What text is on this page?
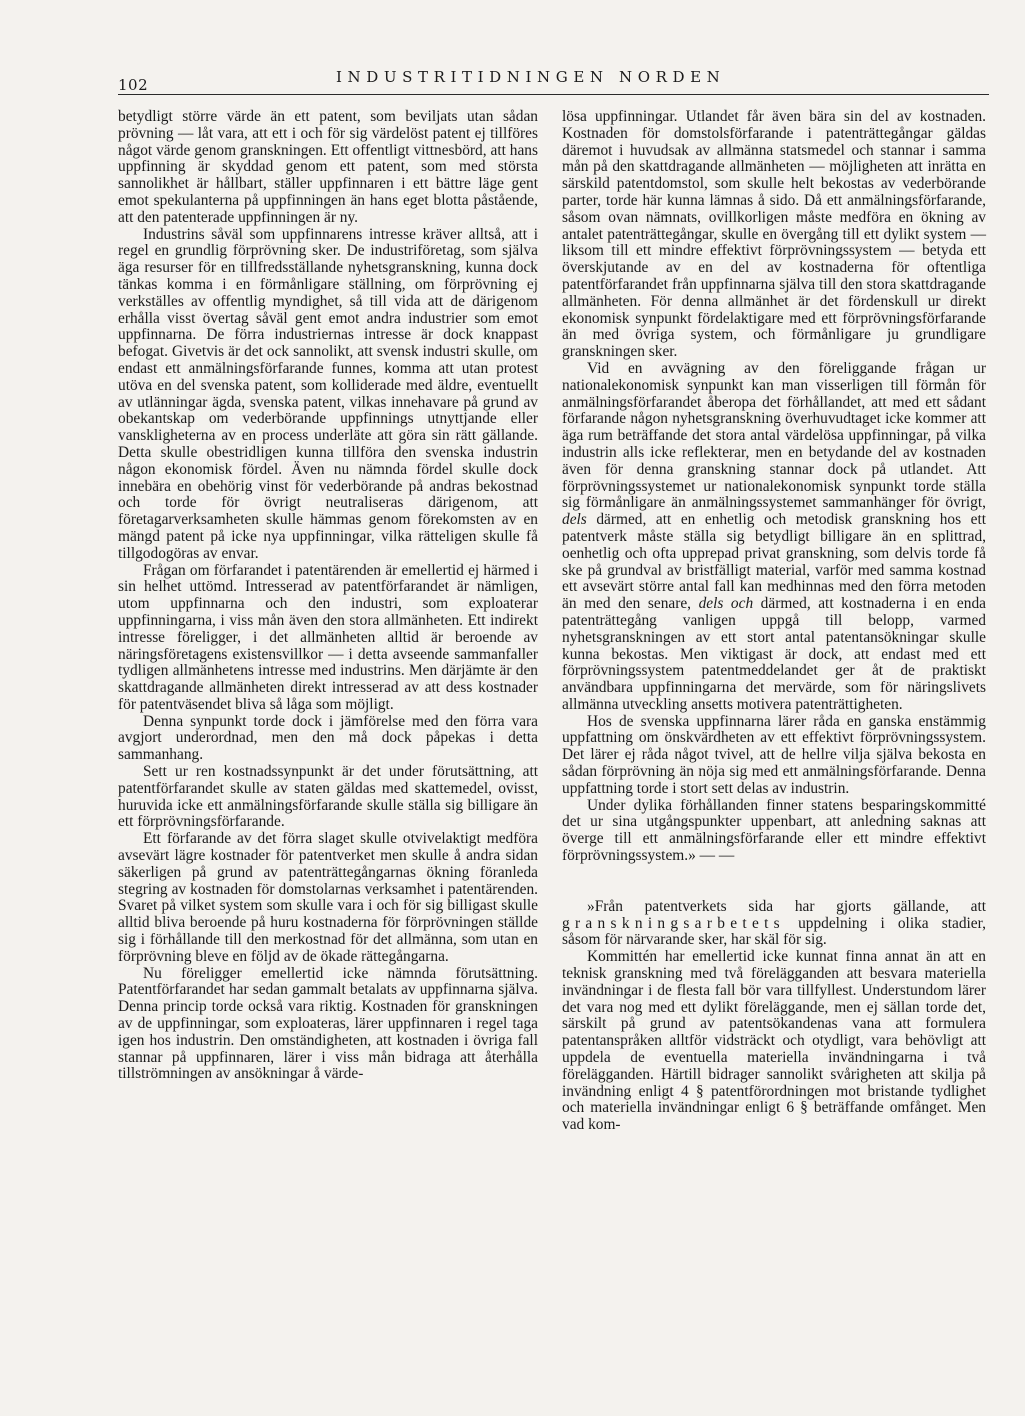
102	INDUSTRITIDNINGEN NORDEN

betydligt större värde än ett patent, som beviljats utan sådan prövning — låt vara, att ett i och för sig värdelöst patent ej tillföres något värde genom granskningen. Ett offentligt vittnesbörd, att hans uppfinning är skyddad genom ett patent, som med största sannolikhet är hållbart, ställer uppfinnaren i ett bättre läge gent emot spekulanterna på uppfinningen än hans eget blotta påstående, att den patenterade uppfinningen är ny.

Industrins såväl som uppfinnarens intresse kräver alltså, att i regel en grundlig förprövning sker. De industriföretag, som själva äga resurser för en tillfredsställande nyhetsgranskning, kunna dock tänkas komma i en förmånligare ställning, om förprövning ej verkställes av offentlig myndighet, så till vida att de därigenom erhålla visst övertag såväl gent emot andra industrier som emot uppfinnarna. De förra industriernas intresse är dock knappast befogat. Givetvis är det ock sannolikt, att svensk industri skulle, om endast ett anmälningsförfarande funnes, komma att utan protest utöva en del svenska patent, som kolliderade med äldre, eventuellt av utlänningar ägda, svenska patent, vilkas innehavare på grund av obekantskap om vederbörande uppfinnings utnyttjande eller vanskligheterna av en process underläte att göra sin rätt gällande. Detta skulle obestridligen kunna tillföra den svenska industrin någon ekonomisk fördel. Även nu nämnda fördel skulle dock innebära en obehörig vinst för vederbörande på andras bekostnad och torde för övrigt neutraliseras därigenom, att företagarverksamheten skulle hämmas genom förekomsten av en mängd patent på icke nya uppfinningar, vilka rätteligen skulle få tillgodogöras av envar.

Frågan om förfarandet i patentärenden är emellertid ej härmed i sin helhet uttömd. Intresserad av patentförfarandet är nämligen, utom uppfinnarna och den industri, som exploaterar uppfinningarna, i viss mån även den stora allmänheten. Ett indirekt intresse föreligger, i det allmänheten alltid är beroende av näringsföretagens existensvillkor — i detta avseende sammanfaller tydligen allmänhetens intresse med industrins. Men därjämte är den skattdragande allmänheten direkt intresserad av att dess kostnader för patentväsendet bliva så låga som möjligt.

Denna synpunkt torde dock i jämförelse med den förra vara avgjort underordnad, men den må dock påpekas i detta sammanhang.

Sett ur ren kostnadssynpunkt är det under förutsättning, att patentförfarandet skulle av staten gäldas med skattemedel, ovisst, huruvida icke ett anmälningsförfarande skulle ställa sig billigare än ett förprövningsförfarande.

Ett förfarande av det förra slaget skulle otvivelaktigt medföra avsevärt lägre kostnader för patentverket men skulle å andra sidan säkerligen på grund av patenträttegångarnas ökning föranleda stegring av kostnaden för domstolarnas verksamhet i patentärenden. Svaret på vilket system som skulle vara i och för sig billigast skulle alltid bliva beroende på huru kostnaderna för förprövningen ställde sig i förhållande till den merkostnad för det allmänna, som utan en förprövning bleve en följd av de ökade rättegångarna.

Nu föreligger emellertid icke nämnda förutsättning. Patentförfarandet har sedan gammalt betalats av uppfinnarna själva. Denna princip torde också vara riktig. Kostnaden för granskningen av de uppfinningar, som exploateras, lärer uppfinnaren i regel taga igen hos industrin. Den omständigheten, att kostnaden i övriga fall stannar på uppfinnaren, lärer i viss mån bidraga att återhålla tillströmningen av ansökningar å värde-

lösa uppfinningar. Utlandet får även bära sin del av kostnaden. Kostnaden för domstolsförfarande i patenträttegångar gäldas däremot i huvudsak av allmänna statsmedel och stannar i samma mån på den skattdragande allmänheten — möjligheten att inrätta en särskild patentdomstol, som skulle helt bekostas av vederbörande parter, torde här kunna lämnas å sido. Då ett anmälningsförfarande, såsom ovan nämnats, ovillkorligen måste medföra en ökning av antalet patenträttegångar, skulle en övergång till ett dylikt system — liksom till ett mindre effektivt förprövningssystem — betyda ett överskjutande av en del av kostnaderna för oftentliga patentförfarandet från uppfinnarna själva till den stora skattdragande allmänheten. För denna allmänhet är det fördenskull ur direkt ekonomisk synpunkt fördelaktigare med ett förprövningsförfarande än med övriga system, och förmånligare ju grundligare granskningen sker.

Vid en avvägning av den föreliggande frågan ur nationalekonomisk synpunkt kan man visserligen till förmån för anmälningsförfarandet åberopa det förhållandet, att med ett sådant förfarande någon nyhetsgranskning överhuvudtaget icke kommer att äga rum beträffande det stora antal värdelösa uppfinningar, på vilka industrin alls icke reflekterar, men en betydande del av kostnaden även för denna granskning stannar dock på utlandet. Att förprövningssystemet ur nationalekonomisk synpunkt torde ställa sig förmånligare än anmälningssystemet sammanhänger för övrigt, dels därmed, att en enhetlig och metodisk granskning hos ett patentverk måste ställa sig betydligt billigare än en splittrad, oenhetlig och ofta upprepad privat granskning, som delvis torde få ske på grundval av bristfälligt material, varför med samma kostnad ett avsevärt större antal fall kan medhinnas med den förra metoden än med den senare, dels och därmed, att kostnaderna i en enda patenträttegång vanligen uppgå till belopp, varmed nyhetsgranskningen av ett stort antal patentansökningar skulle kunna bekostas. Men viktigast är dock, att endast med ett förprövningssystem patentmeddelandet ger åt de praktiskt användbara uppfinningarna det mervärde, som för näringslivets allmänna utveckling ansetts motivera patenträttigheten.

Hos de svenska uppfinnarna lärer råda en ganska enstämmig uppfattning om önskvärdheten av ett effektivt förprövningssystem. Det lärer ej råda något tvivel, att de hellre vilja själva bekosta en sådan förprövning än nöja sig med ett anmälningsförfarande. Denna uppfattning torde i stort sett delas av industrin.

Under dylika förhållanden finner statens besparingskommitté det ur sina utgångspunkter uppenbart, att anledning saknas att överge till ett anmälningsförfarande eller ett mindre effektivt förprövningssystem.» — —

»Från patentverkets sida har gjorts gällande, att granskningsarbetets uppdelning i olika stadier, såsom för närvarande sker, har skäl för sig.

Kommittén har emellertid icke kunnat finna annat än att en teknisk granskning med två förelägganden att besvara materiella invändningar i de flesta fall bör vara tillfyllest. Understundom lärer det vara nog med ett dylikt föreläggande, men ej sällan torde det, särskilt på grund av patentsökandenas vana att formulera patentanspråken alltför vidsträckt och otydligt, vara behövligt att uppdela de eventuella materiella invändningarna i två förelägganden. Härtill bidrager sannolikt svårigheten att skilja på invändning enligt 4 § patentförordningen mot bristande tydlighet och materiella invändningar enligt 6 § beträffande omfånget. Men vad kom-
